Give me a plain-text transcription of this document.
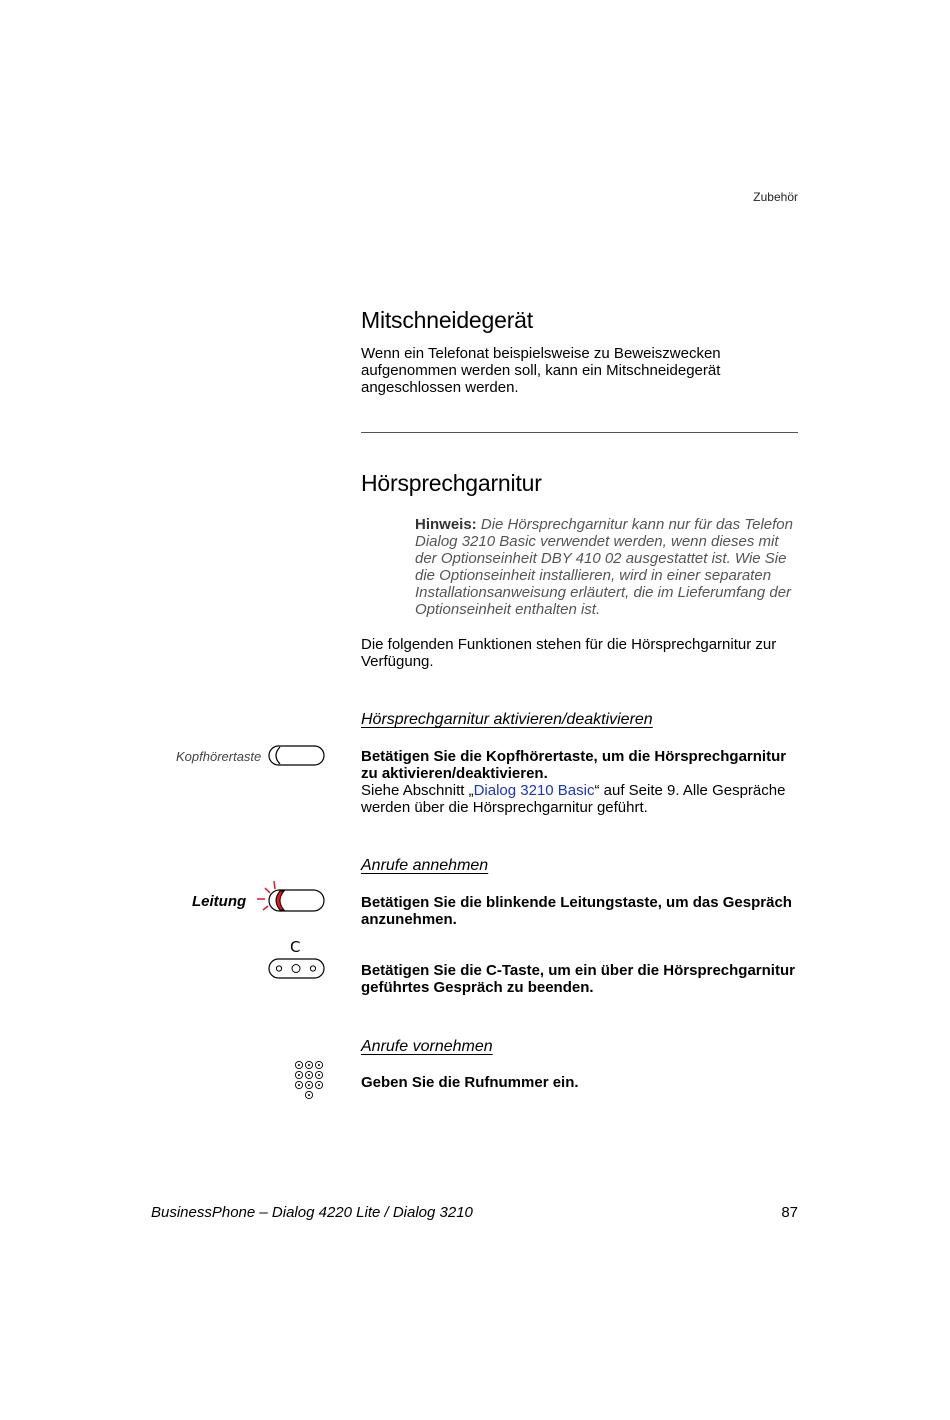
Zubehör
Mitschneidegerät
Wenn ein Telefonat beispielsweise zu Beweiszwecken aufgenommen werden soll, kann ein Mitschneidegerät angeschlossen werden.
Hörsprechgarnitur
Hinweis: Die Hörsprechgarnitur kann nur für das Telefon Dialog 3210 Basic verwendet werden, wenn dieses mit der Optionseinheit DBY 410 02 ausgestattet ist. Wie Sie die Optionseinheit installieren, wird in einer separaten Installationsanweisung erläutert, die im Lieferumfang der Optionseinheit enthalten ist.
Die folgenden Funktionen stehen für die Hörsprechgarnitur zur Verfügung.
Hörsprechgarnitur aktivieren/deaktivieren
Kopfhörertaste	Betätigen Sie die Kopfhörertaste, um die Hörsprechgarnitur zu aktivieren/deaktivieren.
Siehe Abschnitt „Dialog 3210 Basic“ auf Seite 9. Alle Gespräche werden über die Hörsprechgarnitur geführt.
Anrufe annehmen
Leitung	Betätigen Sie die blinkende Leitungstaste, um das Gespräch anzunehmen.
C
Betätigen Sie die C-Taste, um ein über die Hörsprechgarnitur geführtes Gespräch zu beenden.
Anrufe vornehmen
Geben Sie die Rufnummer ein.
BusinessPhone – Dialog 4220 Lite / Dialog 3210	87
